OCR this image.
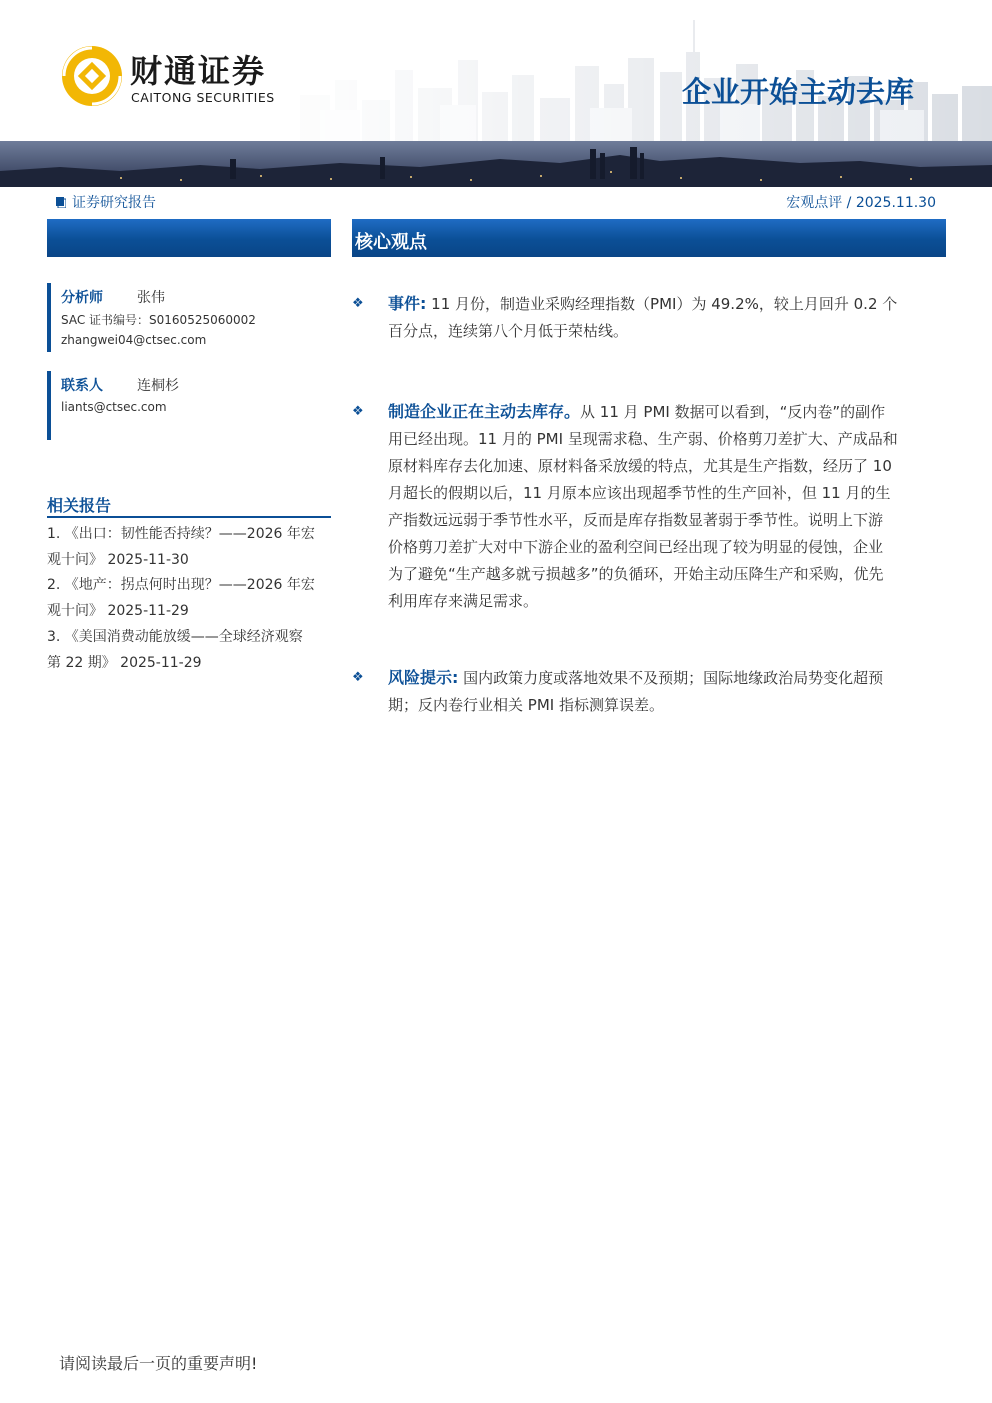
财通证券
CAITONG SECURITIES	企业开始主动去库
证券研究报告	宏观点评 / 2025.11.30
核心观点
分析师 张伟
SAC 证书编号：S0160525060002
zhangwei04@ctsec.com
联系人 连桐杉
liants@ctsec.com
相关报告
1. 《出口：韧性能否持续？——2026 年宏
观十问》 2025-11-30
2. 《地产：拐点何时出现？——2026 年宏
观十问》 2025-11-29
3. 《美国消费动能放缓——全球经济观察
第 22 期》 2025-11-29
❖ 事件: 11 月份，制造业采购经理指数（PMI）为 49.2%，较上月回升 0.2 个
百分点，连续第八个月低于荣枯线。
❖ 制造企业正在主动去库存。从 11 月 PMI 数据可以看到，“反内卷”的副作
用已经出现。11 月的 PMI 呈现需求稳、生产弱、价格剪刀差扩大、产成品和
原材料库存去化加速、原材料备采放缓的特点，尤其是生产指数，经历了 10
月超长的假期以后，11 月原本应该出现超季节性的生产回补，但 11 月的生
产指数远远弱于季节性水平，反而是库存指数显著弱于季节性。说明上下游
价格剪刀差扩大对中下游企业的盈利空间已经出现了较为明显的侵蚀，企业
为了避免“生产越多就亏损越多”的负循环，开始主动压降生产和采购，优先
利用库存来满足需求。
❖ 风险提示: 国内政策力度或落地效果不及预期；国际地缘政治局势变化超预
期；反内卷行业相关 PMI 指标测算误差。
请阅读最后一页的重要声明!
